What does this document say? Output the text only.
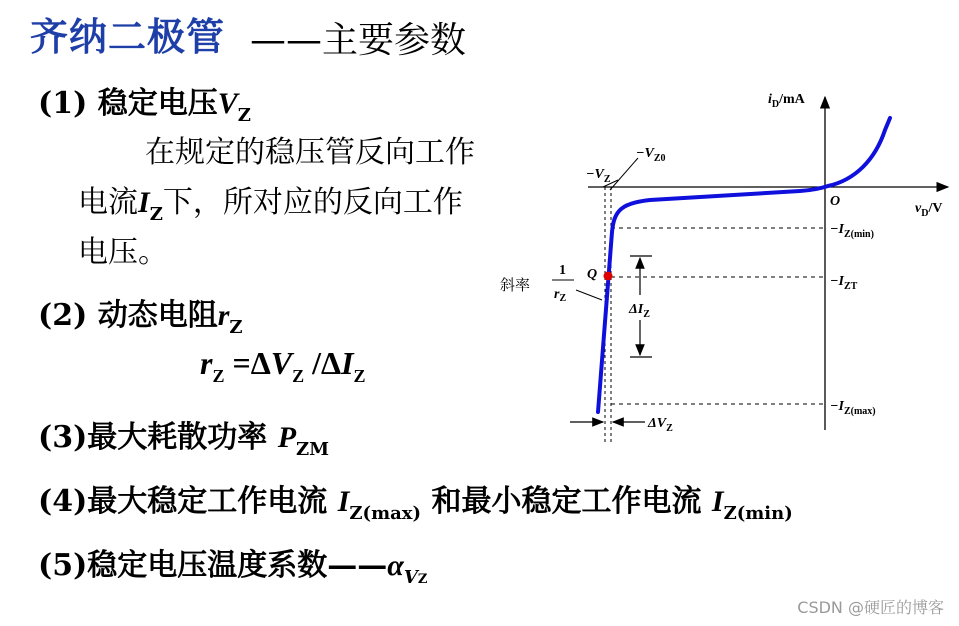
齐纳二极管 ——主要参数
(1) 稳定电压$V_Z$
在规定的稳压管反向工作
电流$I_Z$下，所对应的反向工作
电压。
(2) 动态电阻$r_Z$
$r_Z =\Delta V_Z$ $/\Delta I_Z$
(3)最大耗散功率 $P_{ZM}$
(4)最大稳定工作电流 $I_{Z(max)}$ 和最小稳定工作电流 $I_{Z(min)}$
(5)稳定电压温度系数$——\alpha_{VZ}$
$i_D/mA$
$v_D/V$
O
$-V_{Z0}$
$-V_Z$
$-I_{Z(min)}$
$-I_{ZT}$
$-I_{Z(max)}$
$\Delta I_Z$
$\Delta V_Z$
斜率
1
$r_Z$
Q
CSDN @硬匠的博客
